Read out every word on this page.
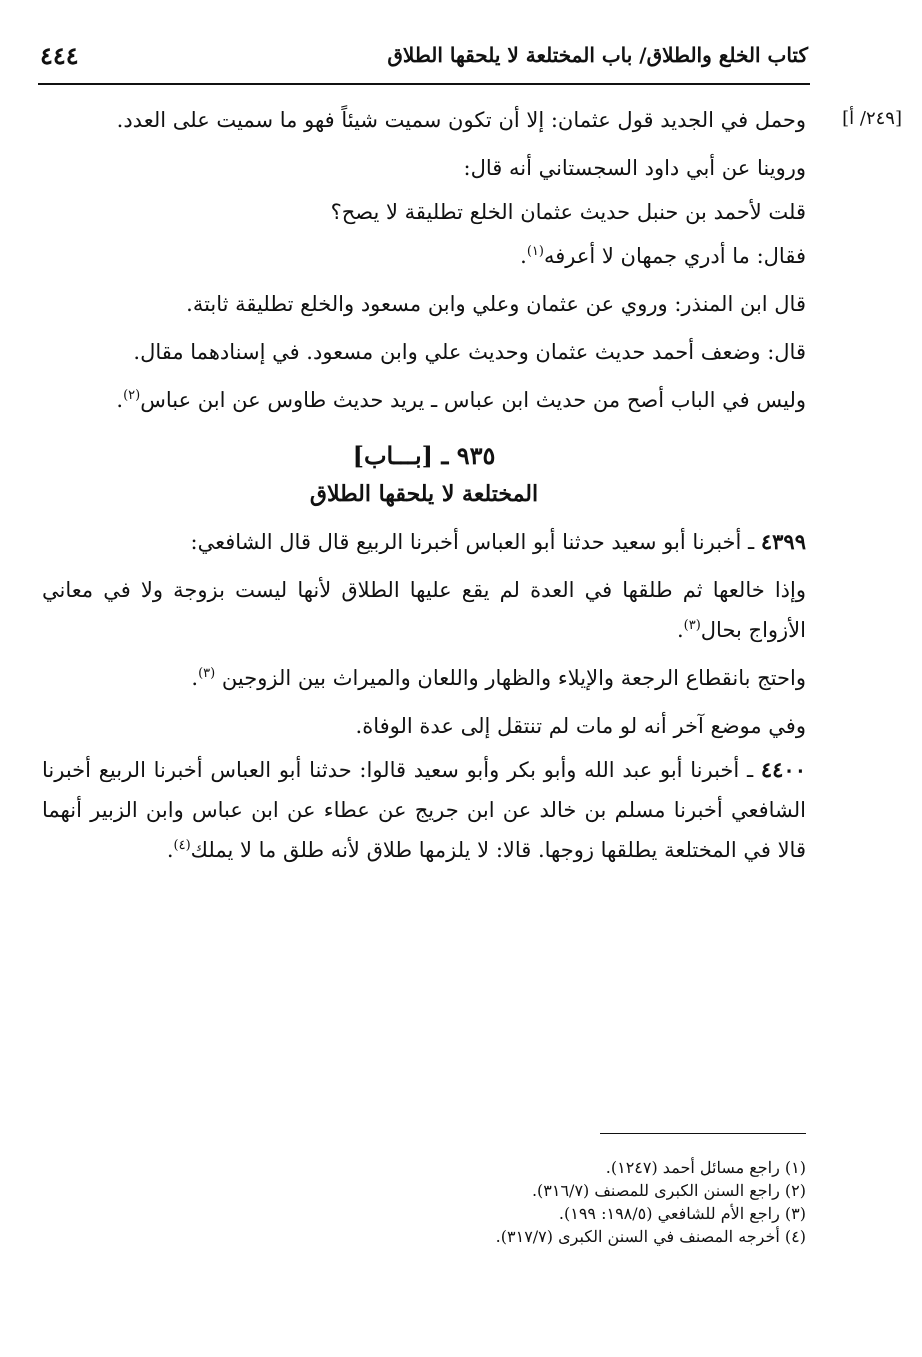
٤٤٤	كتاب الخلع والطلاق/ باب المختلعة لا يلحقها الطلاق
[٢٤٩/ أ]

وحمل في الجديد قول عثمان: إلا أن تكون سميت شيئاً فهو ما سميت على العدد.

وروينا عن أبي داود السجستاني أنه قال:

قلت لأحمد بن حنبل حديث عثمان الخلع تطليقة لا يصح؟

فقال: ما أدري جمهان لا أعرفه$^{(١)}$.

قال ابن المنذر: وروي عن عثمان وعلي وابن مسعود والخلع تطليقة ثابتة.

قال: وضعف أحمد حديث عثمان وحديث علي وابن مسعود. في إسنادهما مقال.

وليس في الباب أصح من حديث ابن عباس ـ يريد حديث طاوس عن ابن عباس$^{(٢)}$.

٩٣٥ ـ [بـــاب]
المختلعة لا يلحقها الطلاق

٤٣٩٩ ـ أخبرنا أبو سعيد حدثنا أبو العباس أخبرنا الربيع قال قال الشافعي:

وإذا خالعها ثم طلقها في العدة لم يقع عليها الطلاق لأنها ليست بزوجة ولا في معاني الأزواج بحال$^{(٣)}$.

واحتج بانقطاع الرجعة والإيلاء والظهار واللعان والميراث بين الزوجين $^{(٣)}$.

وفي موضع آخر أنه لو مات لم تنتقل إلى عدة الوفاة.

٤٤٠٠ ـ أخبرنا أبو عبد الله وأبو بكر وأبو سعيد قالوا: حدثنا أبو العباس أخبرنا الربيع أخبرنا الشافعي أخبرنا مسلم بن خالد عن ابن جريج عن عطاء عن ابن عباس وابن الزبير أنهما قالا في المختلعة يطلقها زوجها. قالا: لا يلزمها طلاق لأنه طلق ما لا يملك$^{(٤)}$.

(١) راجع مسائل أحمد (١٢٤٧).

(٢) راجع السنن الكبرى للمصنف (٣١٦/٧).

(٣) راجع الأم للشافعي (١٩٨/٥: ١٩٩).

(٤) أخرجه المصنف في السنن الكبرى (٣١٧/٧).
